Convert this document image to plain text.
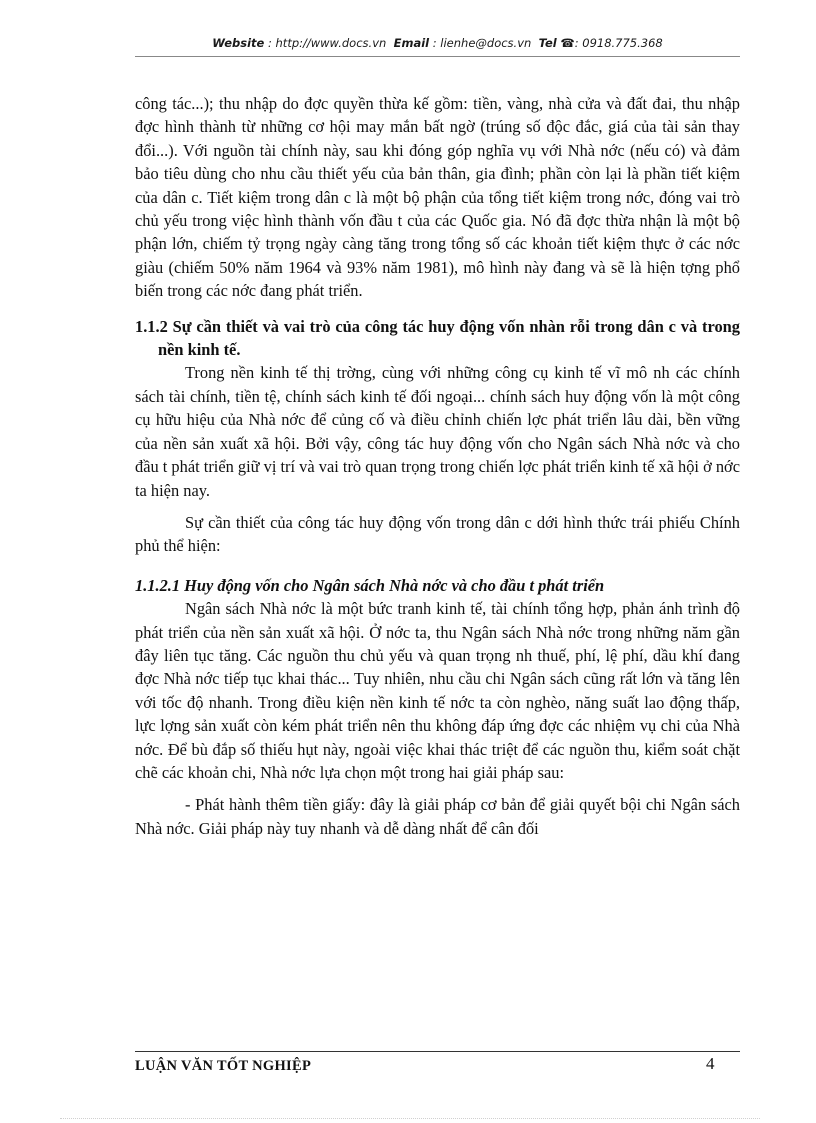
Website : http://www.docs.vn Email : lienhe@docs.vn Tel ☎: 0918.775.368

công tác...); thu nhập do đợc quyền thừa kế gồm: tiền, vàng, nhà cửa và đất đai, thu nhập đợc hình thành từ những cơ hội may mắn bất ngờ (trúng số độc đắc, giá của tài sản thay đổi...). Với nguồn tài chính này, sau khi đóng góp nghĩa vụ với Nhà nớc (nếu có) và đảm bảo tiêu dùng cho nhu cầu thiết yếu của bản thân, gia đình; phần còn lại là phần tiết kiệm của dân c. Tiết kiệm trong dân c là một bộ phận của tổng tiết kiệm trong nớc, đóng vai trò chủ yếu trong việc hình thành vốn đầu t của các Quốc gia. Nó đã đợc thừa nhận là một bộ phận lớn, chiếm tỷ trọng ngày càng tăng trong tổng số các khoản tiết kiệm thực ở các nớc giàu (chiếm 50% năm 1964 và 93% năm 1981), mô hình này đang và sẽ là hiện tợng phổ biến trong các nớc đang phát triển.

1.1.2 Sự cần thiết và vai trò của công tác huy động vốn nhàn rỗi trong dân c và trong nền kinh tế.

Trong nền kinh tế thị trờng, cùng với những công cụ kinh tế vĩ mô nh các chính sách tài chính, tiền tệ, chính sách kinh tế đối ngoại... chính sách huy động vốn là một công cụ hữu hiệu của Nhà nớc để củng cố và điều chỉnh chiến lợc phát triển lâu dài, bền vững của nền sản xuất xã hội. Bởi vậy, công tác huy động vốn cho Ngân sách Nhà nớc và cho đầu t phát triển giữ vị trí và vai trò quan trọng trong chiến lợc phát triển kinh tế xã hội ở nớc ta hiện nay.

Sự cần thiết của công tác huy động vốn trong dân c dới hình thức trái phiếu Chính phủ thể hiện:

1.1.2.1 Huy động vốn cho Ngân sách Nhà nớc và cho đầu t phát triển

Ngân sách Nhà nớc là một bức tranh kinh tế, tài chính tổng hợp, phản ánh trình độ phát triển của nền sản xuất xã hội. Ở nớc ta, thu Ngân sách Nhà nớc trong những năm gần đây liên tục tăng. Các nguồn thu chủ yếu và quan trọng nh thuế, phí, lệ phí, dầu khí đang đợc Nhà nớc tiếp tục khai thác... Tuy nhiên, nhu cầu chi Ngân sách cũng rất lớn và tăng lên với tốc độ nhanh. Trong điều kiện nền kinh tế nớc ta còn nghèo, năng suất lao động thấp, lực lợng sản xuất còn kém phát triển nên thu không đáp ứng đợc các nhiệm vụ chi của Nhà nớc. Để bù đắp số thiếu hụt này, ngoài việc khai thác triệt để các nguồn thu, kiểm soát chặt chẽ các khoản chi, Nhà nớc lựa chọn một trong hai giải pháp sau:

- Phát hành thêm tiền giấy: đây là giải pháp cơ bản để giải quyết bội chi Ngân sách Nhà nớc. Giải pháp này tuy nhanh và dễ dàng nhất để cân đối

LUẬN VĂN TỐT NGHIỆP	4
